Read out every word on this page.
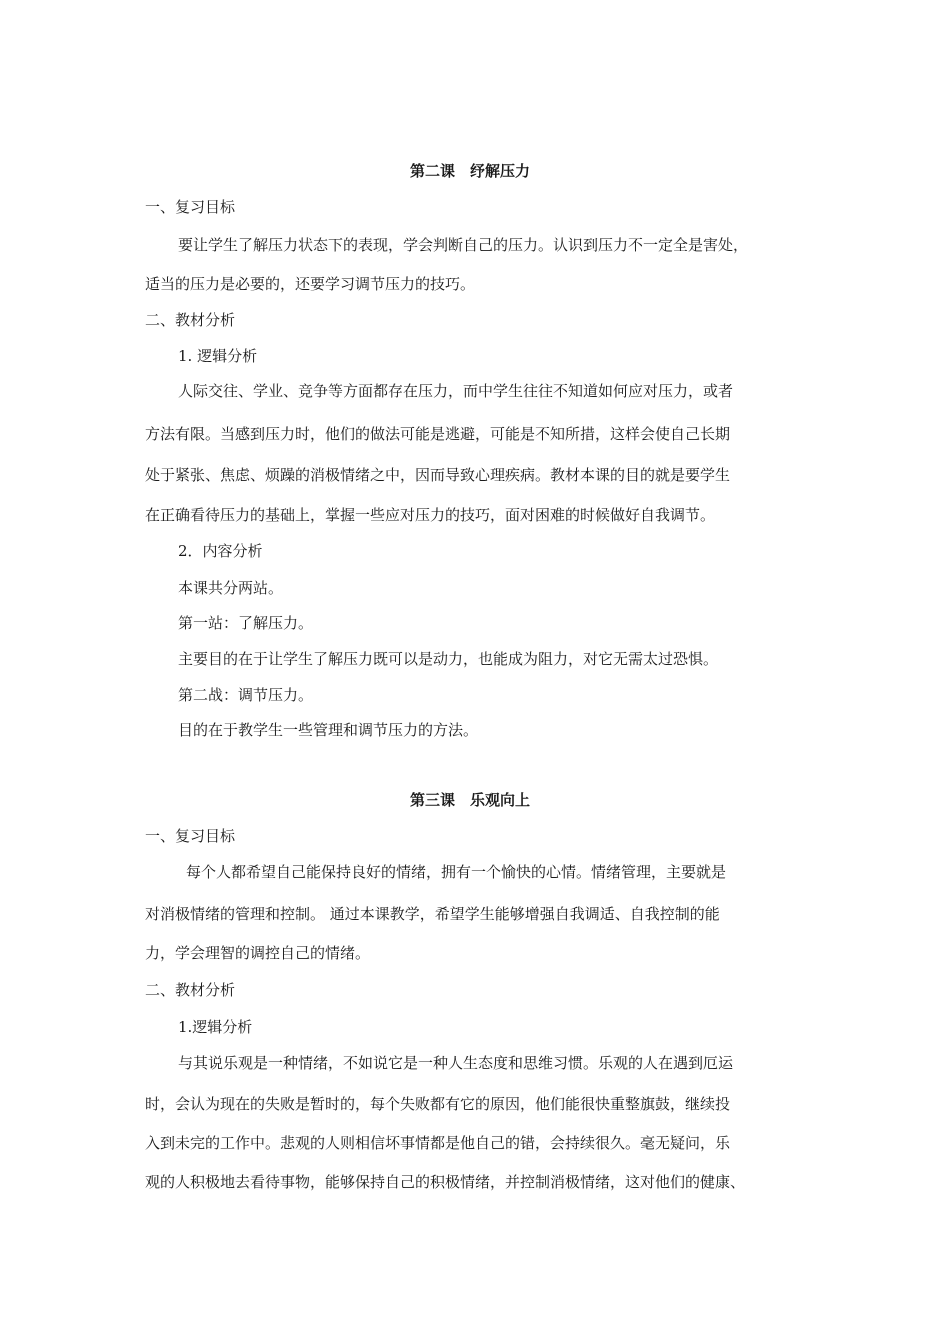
第二课　纾解压力
一、复习目标
要让学生了解压力状态下的表现，学会判断自己的压力。认识到压力不一定全是害处，
适当的压力是必要的，还要学习调节压力的技巧。
二、教材分析
1. 逻辑分析
人际交往、学业、竞争等方面都存在压力，而中学生往往不知道如何应对压力，或者
方法有限。当感到压力时，他们的做法可能是逃避，可能是不知所措，这样会使自己长期
处于紧张、焦虑、烦躁的消极情绪之中，因而导致心理疾病。教材本课的目的就是要学生
在正确看待压力的基础上，掌握一些应对压力的技巧，面对困难的时候做好自我调节。
2．内容分析
本课共分两站。
第一站：了解压力。
主要目的在于让学生了解压力既可以是动力，也能成为阻力，对它无需太过恐惧。
第二战：调节压力。
目的在于教学生一些管理和调节压力的方法。
第三课　乐观向上
一、复习目标
每个人都希望自己能保持良好的情绪，拥有一个愉快的心情。情绪管理，主要就是
对消极情绪的管理和控制。 通过本课教学，希望学生能够增强自我调适、自我控制的能
力，学会理智的调控自己的情绪。
二、教材分析
1.逻辑分析
与其说乐观是一种情绪，不如说它是一种人生态度和思维习惯。乐观的人在遇到厄运
时，会认为现在的失败是暂时的，每个失败都有它的原因，他们能很快重整旗鼓，继续投
入到未完的工作中。悲观的人则相信坏事情都是他自己的错，会持续很久。毫无疑问，乐
观的人积极地去看待事物，能够保持自己的积极情绪，并控制消极情绪，这对他们的健康、
